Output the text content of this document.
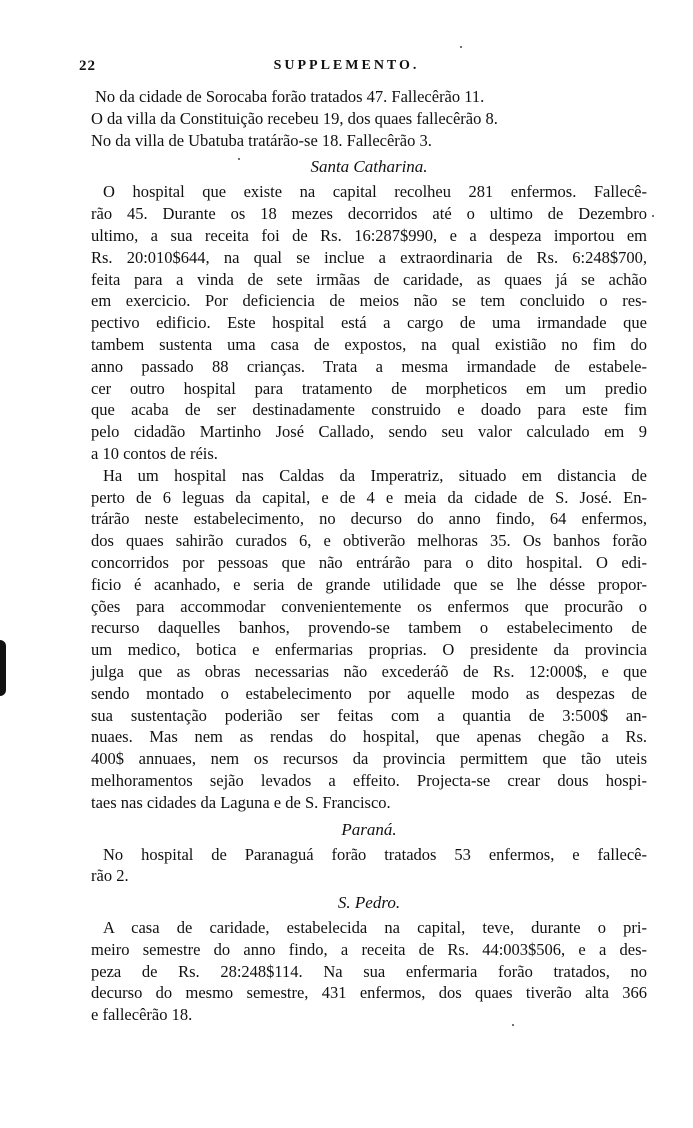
22	SUPPLEMENTO.
No da cidade de Sorocaba forão tratados 47. Fallecêrão 11.
O da villa da Constituição recebeu 19, dos quaes fallecêrão 8.
No da villa de Ubatuba tratárão-se 18. Fallecêrão 3.
Santa Catharina.
O hospital que existe na capital recolheu 281 enfermos. Fallecê-
rão 45. Durante os 18 mezes decorridos até o ultimo de Dezembro
ultimo, a sua receita foi de Rs. 16:287$990, e a despeza importou em
Rs. 20:010$644, na qual se inclue a extraordinaria de Rs. 6:248$700,
feita para a vinda de sete irmãas de caridade, as quaes já se achão
em exercicio. Por deficiencia de meios não se tem concluido o res-
pectivo edificio. Este hospital está a cargo de uma irmandade que
tambem sustenta uma casa de expostos, na qual existião no fim do
anno passado 88 crianças. Trata a mesma irmandade de estabele-
cer outro hospital para tratamento de morpheticos em um predio
que acaba de ser destinadamente construido e doado para este fim
pelo cidadão Martinho José Callado, sendo seu valor calculado em 9
a 10 contos de réis.
Ha um hospital nas Caldas da Imperatriz, situado em distancia de
perto de 6 leguas da capital, e de 4 e meia da cidade de S. José. En-
trárão neste estabelecimento, no decurso do anno findo, 64 enfermos,
dos quaes sahirão curados 6, e obtiverão melhoras 35. Os banhos forão
concorridos por pessoas que não entrárão para o dito hospital. O edi-
ficio é acanhado, e seria de grande utilidade que se lhe désse propor-
ções para accommodar convenientemente os enfermos que procurão o
recurso daquelles banhos, provendo-se tambem o estabelecimento de
um medico, botica e enfermarias proprias. O presidente da provincia
julga que as obras necessarias não excederáõ de Rs. 12:000$, e que
sendo montado o estabelecimento por aquelle modo as despezas de
sua sustentação poderião ser feitas com a quantia de 3:500$ an-
nuaes. Mas nem as rendas do hospital, que apenas chegão a Rs.
400$ annuaes, nem os recursos da provincia permittem que tão uteis
melhoramentos sejão levados a effeito. Projecta-se crear dous hospi-
taes nas cidades da Laguna e de S. Francisco.
Paraná.
No hospital de Paranaguá forão tratados 53 enfermos, e fallecê-
rão 2.
S. Pedro.
A casa de caridade, estabelecida na capital, teve, durante o pri-
meiro semestre do anno findo, a receita de Rs. 44:003$506, e a des-
peza de Rs. 28:248$114. Na sua enfermaria forão tratados, no
decurso do mesmo semestre, 431 enfermos, dos quaes tiverão alta 366
e fallecêrão 18.
